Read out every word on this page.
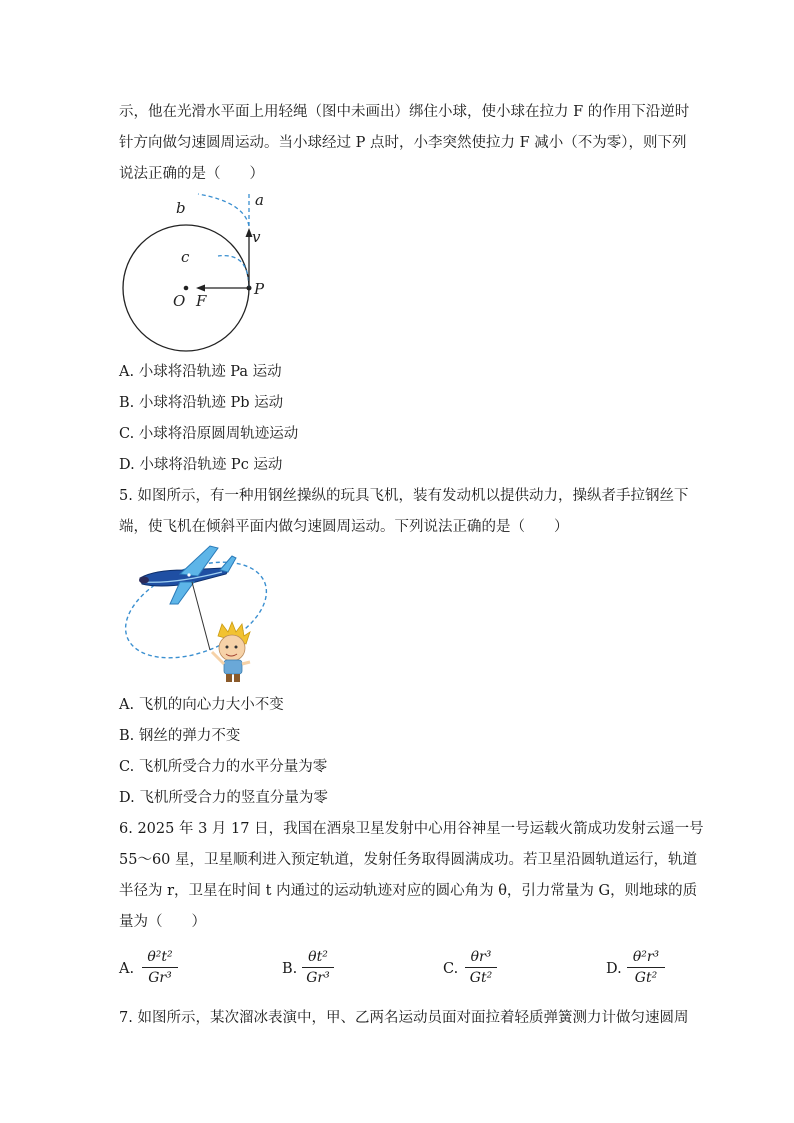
示，他在光滑水平面上用轻绳（图中未画出）绑住小球，使小球在拉力 F 的作用下沿逆时
针方向做匀速圆周运动。当小球经过 P 点时，小李突然使拉力 F 减小（不为零），则下列
说法正确的是（　　）
a
b
c
v
O F
P
A. 小球将沿轨迹 Pa 运动
B. 小球将沿轨迹 Pb 运动
C. 小球将沿原圆周轨迹运动
D. 小球将沿轨迹 Pc 运动
5. 如图所示，有一种用钢丝操纵的玩具飞机，装有发动机以提供动力，操纵者手拉钢丝下
端，使飞机在倾斜平面内做匀速圆周运动。下列说法正确的是（　　）
A. 飞机的向心力大小不变
B. 钢丝的弹力不变
C. 飞机所受合力的水平分量为零
D. 飞机所受合力的竖直分量为零
6. 2025 年 3 月 17 日，我国在酒泉卫星发射中心用谷神星一号运载火箭成功发射云遥一号
55～60 星，卫星顺利进入预定轨道，发射任务取得圆满成功。若卫星沿圆轨道运行，轨道
半径为 r，卫星在时间 t 内通过的运动轨迹对应的圆心角为 θ，引力常量为 G，则地球的质
量为（　　）
A.
θ²t²
Gr³
B.
θt²
Gr³
C.
θr³
Gt²
D.
θ²r³
Gt²
7. 如图所示，某次溜冰表演中，甲、乙两名运动员面对面拉着轻质弹簧测力计做匀速圆周
